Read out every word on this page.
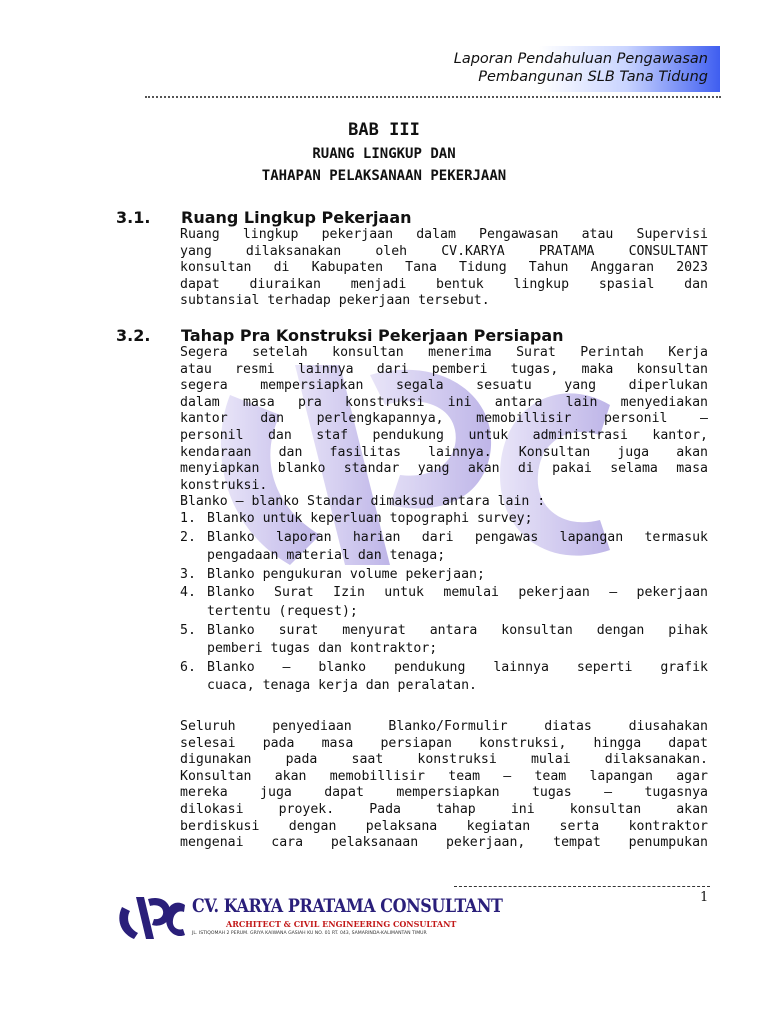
Laporan Pendahuluan Pengawasan
Pembangunan SLB Tana Tidung
BAB III
RUANG LINGKUP DAN
TAHAPAN PELAKSANAAN PEKERJAAN
3.1. Ruang Lingkup Pekerjaan
Ruang lingkup pekerjaan dalam Pengawasan atau Supervisi
yang dilaksanakan oleh CV.KARYA PRATAMA CONSULTANT
konsultan di Kabupaten Tana Tidung Tahun Anggaran 2023
dapat diuraikan menjadi bentuk lingkup spasial dan
subtansial terhadap pekerjaan tersebut.
3.2. Tahap Pra Konstruksi Pekerjaan Persiapan
Segera setelah konsultan menerima Surat Perintah Kerja
atau resmi lainnya dari pemberi tugas, maka konsultan
segera mempersiapkan segala sesuatu yang diperlukan
dalam masa pra konstruksi ini antara lain menyediakan
kantor dan perlengkapannya, memobillisir personil –
personil dan staf pendukung untuk administrasi kantor,
kendaraan dan fasilitas lainnya. Konsultan juga akan
menyiapkan blanko standar yang akan di pakai selama masa
konstruksi.
Blanko – blanko Standar dimaksud antara lain :
1. Blanko untuk keperluan topographi survey;
2. Blanko laporan harian dari pengawas lapangan termasuk
pengadaan material dan tenaga;
3. Blanko pengukuran volume pekerjaan;
4. Blanko Surat Izin untuk memulai pekerjaan – pekerjaan
tertentu (request);
5. Blanko surat menyurat antara konsultan dengan pihak
pemberi tugas dan kontraktor;
6. Blanko – blanko pendukung lainnya seperti grafik
cuaca, tenaga kerja dan peralatan.
Seluruh penyediaan Blanko/Formulir diatas diusahakan
selesai pada masa persiapan konstruksi, hingga dapat
digunakan pada saat konstruksi mulai dilaksanakan.
Konsultan akan memobillisir team – team lapangan agar
mereka juga dapat mempersiapkan tugas – tugasnya
dilokasi proyek. Pada tahap ini konsultan akan
berdiskusi dengan pelaksana kegiatan serta kontraktor
mengenai cara pelaksanaan pekerjaan, tempat penumpukan
1
CV. KARYA PRATAMA CONSULTANT
ARCHITECT & CIVIL ENGINEERING CONSULTANT
JL. ISTIQOMAH 2 PERUM. GRIYA KAIWANA GASIAH KU NO. 01 RT. 043, SAMARINDA-KALIMANTAN TIMUR
